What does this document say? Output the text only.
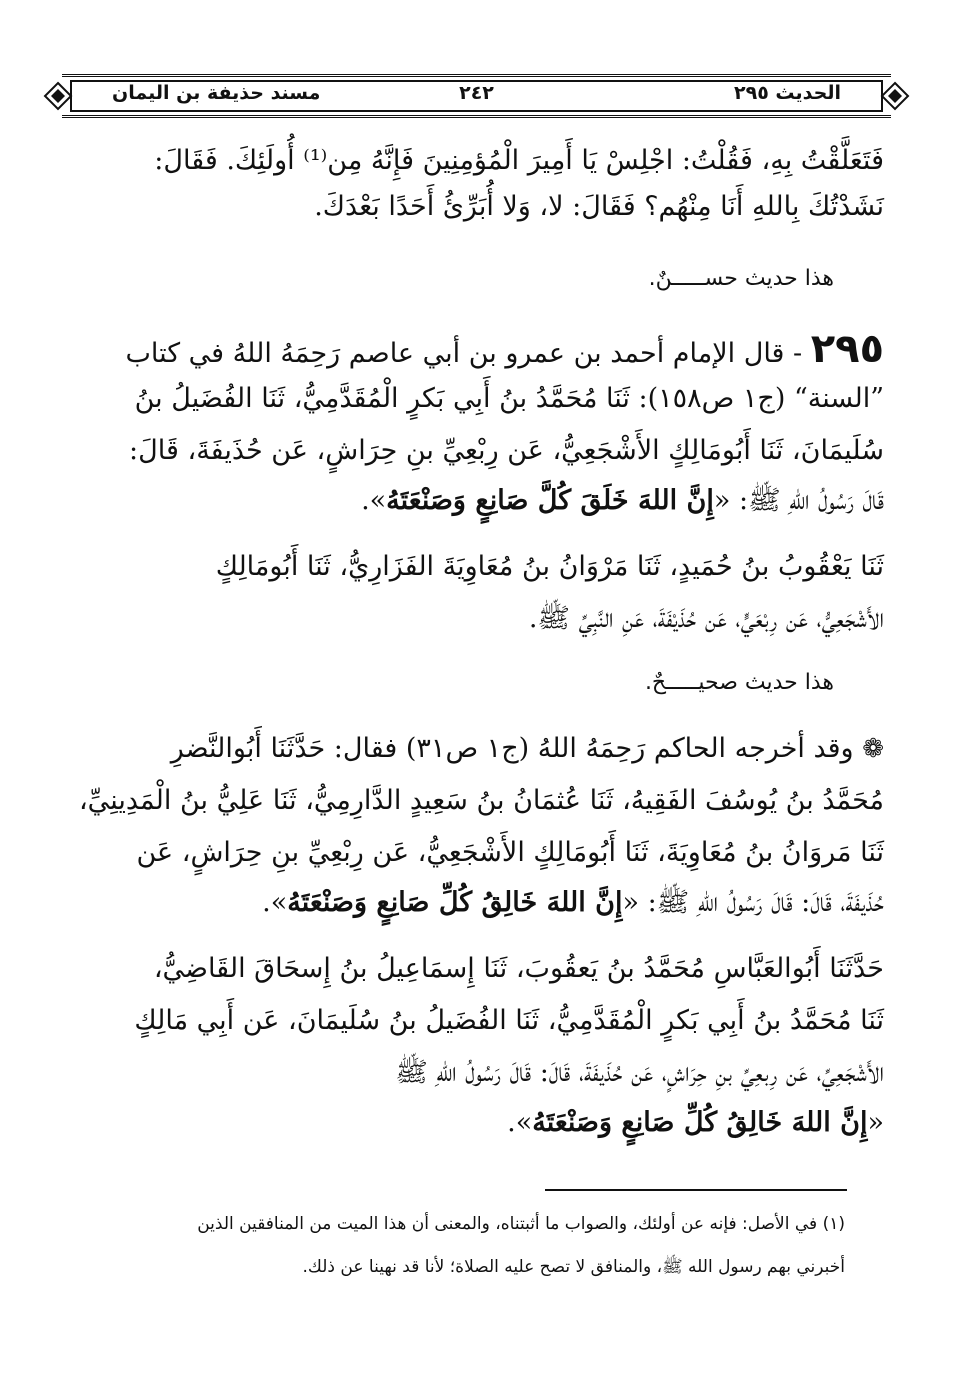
الحديث ٢٩٥
٢٤٢
مسند حذيفة بن اليمان
فَتَعَلَّقْتُ بِهِ، فَقُلْتُ: اجْلِسْ يَا أَمِيرَ الْمُؤمِنِينَ فَإِنَّهُ مِن⁽¹⁾ أُولَئِكَ. فَقَالَ:
نَشَدْتُكَ بِاللهِ أَنَا مِنْهُم؟ فَقَالَ: لا، وَلا أُبَرِّئُ أَحَدًا بَعْدَكَ.
هذا حديث حســـــنٌ.
٢٩٥ - قال الإمام أحمد بن عمرو بن أبي عاصم رَحِمَهُ اللهُ في كتاب
”السنة“ (ج١ ص١٥٨): ثَنَا مُحَمَّدُ بنُ أَبِي بَكرٍ الْمُقَدَّمِيُّ، ثَنَا الفُضَيلُ بنُ
سُلَيمَانَ، ثَنَا أَبُومَالِكٍ الأَشْجَعِيُّ، عَن رِبْعِيِّ بنِ حِرَاشٍ، عَن حُذَيفَةَ، قَالَ:
قَالَ رَسُولُ اللهِ ﷺ: «إِنَّ اللهَ خَلَقَ كُلَّ صَانِعٍ وَصَنْعَتَهُ».
ثَنَا يَعْقُوبُ بنُ حُمَيدٍ، ثَنَا مَرْوَانُ بنُ مُعَاوِيَةَ الفَزَارِيُّ، ثَنَا أَبُومَالِكٍ
الأَشْجَعِيُّ، عَن رِبْعَيٍّ، عَن حُذَيْفَةَ، عَنِ النَّبِيِّ ﷺ.
هذا حديث صحيـــــحٌ.
❁ وقد أخرجه الحاكم رَحِمَهُ اللهُ (ج١ ص٣١) فقال: حَدَّثَنَا أَبُوالنَّضرِ
مُحَمَّدُ بنُ يُوسُفَ الفَقِيهُ، ثَنَا عُثمَانُ بنُ سَعِيدٍ الدَّارِمِيُّ، ثَنَا عَلِيُّ بنُ الْمَدِينِيِّ،
ثَنَا مَروَانُ بنُ مُعَاوِيَةَ، ثَنَا أَبُومَالِكٍ الأَشْجَعِيُّ، عَن رِبْعِيِّ بنِ حِرَاشٍ، عَن
حُذَيفَةَ، قَالَ: قَالَ رَسُولُ اللهِ ﷺ: «إِنَّ اللهَ خَالِقُ كُلِّ صَانِعٍ وَصَنْعَتَهُ».
حَدَّثَنَا أَبُوالعَبَّاسِ مُحَمَّدُ بنُ يَعقُوبَ، ثَنَا إِسمَاعِيلُ بنُ إِسحَاقَ القَاضِيُّ،
ثَنَا مُحَمَّدُ بنُ أَبِي بَكرٍ الْمُقَدَّمِيُّ، ثَنَا الفُضَيلُ بنُ سُلَيمَانَ، عَن أَبِي مَالِكٍ
الأَشْجَعِيِّ، عَن رِبعِيِّ بنِ حِرَاشٍ، عَن حُذَيفَةَ، قَالَ: قَالَ رَسُولُ اللهِ ﷺ
«إِنَّ اللهَ خَالِقُ كُلِّ صَانِعٍ وَصَنْعَتَهُ».
(١) في الأصل: فإنه عن أولئك، والصواب ما أثبتناه، والمعنى أن هذا الميت من المنافقين الذين
أخبرني بهم رسول الله ﷺ، والمنافق لا تصح عليه الصلاة؛ لأنا قد نهينا عن ذلك.
